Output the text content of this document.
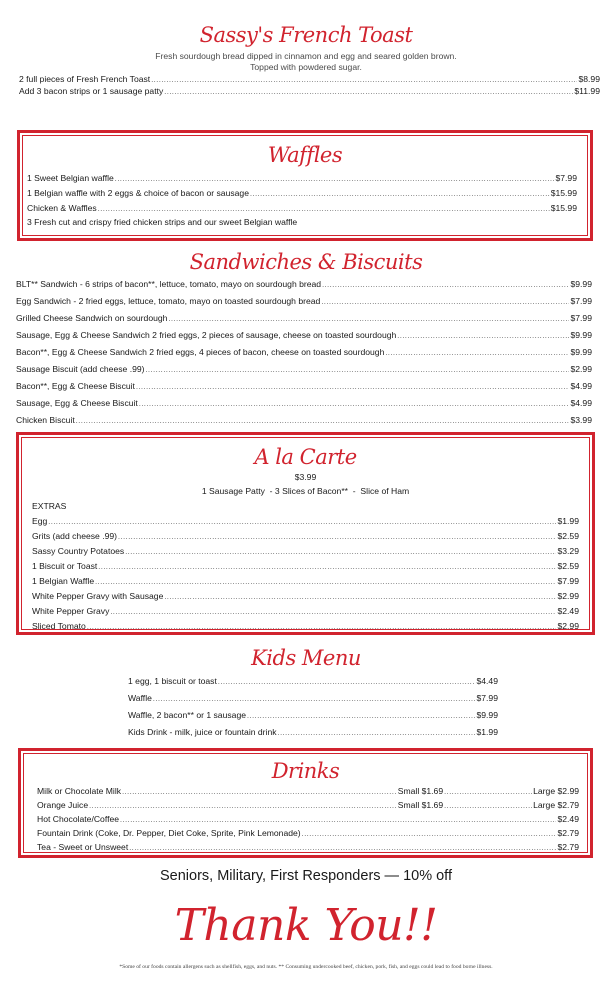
Sassy's French Toast
Fresh sourdough bread dipped in cinnamon and egg and seared golden brown.
Topped with powdered sugar.
2 full pieces of Fresh French Toast .....	$8.99
Add 3 bacon strips or 1 sausage patty .....	$11.99
Waffles
1 Sweet Belgian waffle .....	$7.99
1 Belgian waffle with 2 eggs & choice of bacon or sausage .....	$15.99
Chicken & Waffles .....	$15.99
3 Fresh cut and crispy fried chicken strips and our sweet Belgian waffle
Sandwiches & Biscuits
BLT** Sandwich - 6 strips of bacon**, lettuce, tomato, mayo on sourdough bread .....	$9.99
Egg Sandwich - 2 fried eggs, lettuce, tomato, mayo on toasted sourdough bread .....	$7.99
Grilled Cheese Sandwich on sourdough .....	$7.99
Sausage, Egg & Cheese Sandwich 2 fried eggs, 2 pieces of sausage, cheese on toasted sourdough .....	$9.99
Bacon**, Egg & Cheese Sandwich 2 fried eggs, 4 pieces of bacon, cheese on toasted sourdough .....	$9.99
Sausage Biscuit (add cheese .99) .....	$2.99
Bacon**, Egg & Cheese Biscuit .....	$4.99
Sausage, Egg & Cheese Biscuit .....	$4.99
Chicken Biscuit .....	$3.99
A la Carte
$3.99
1 Sausage Patty  - 3 Slices of Bacon**  -  Slice of Ham
EXTRAS
Egg .....	$1.99
Grits (add cheese .99) .....	$2.59
Sassy Country Potatoes .....	$3.29
1 Biscuit or Toast .....	$2.59
1 Belgian Waffle .....	$7.99
White Pepper Gravy with Sausage .....	$2.99
White Pepper Gravy .....	$2.49
Sliced Tomato .....	$2.99
Kids Menu
1 egg, 1 biscuit or toast .....	$4.49
Waffle .....	$7.99
Waffle, 2 bacon** or 1 sausage .....	$9.99
Kids Drink - milk, juice or fountain drink .....	$1.99
Drinks
Milk or Chocolate Milk .....	Small $1.69 .....	Large $2.99
Orange Juice .....	Small $1.69 .....	Large $2.79
Hot Chocolate/Coffee .....	$2.49
Fountain Drink (Coke, Dr. Pepper, Diet Coke, Sprite, Pink Lemonade) .....	$2.79
Tea - Sweet or Unsweet .....	$2.79
Seniors, Military, First Responders — 10% off
Thank You!!
*Some of our foods contain allergens such as shellfish, eggs, and nuts. ** Consuming undercooked beef, chicken, pork, fish, and eggs could lead to food borne illness.
